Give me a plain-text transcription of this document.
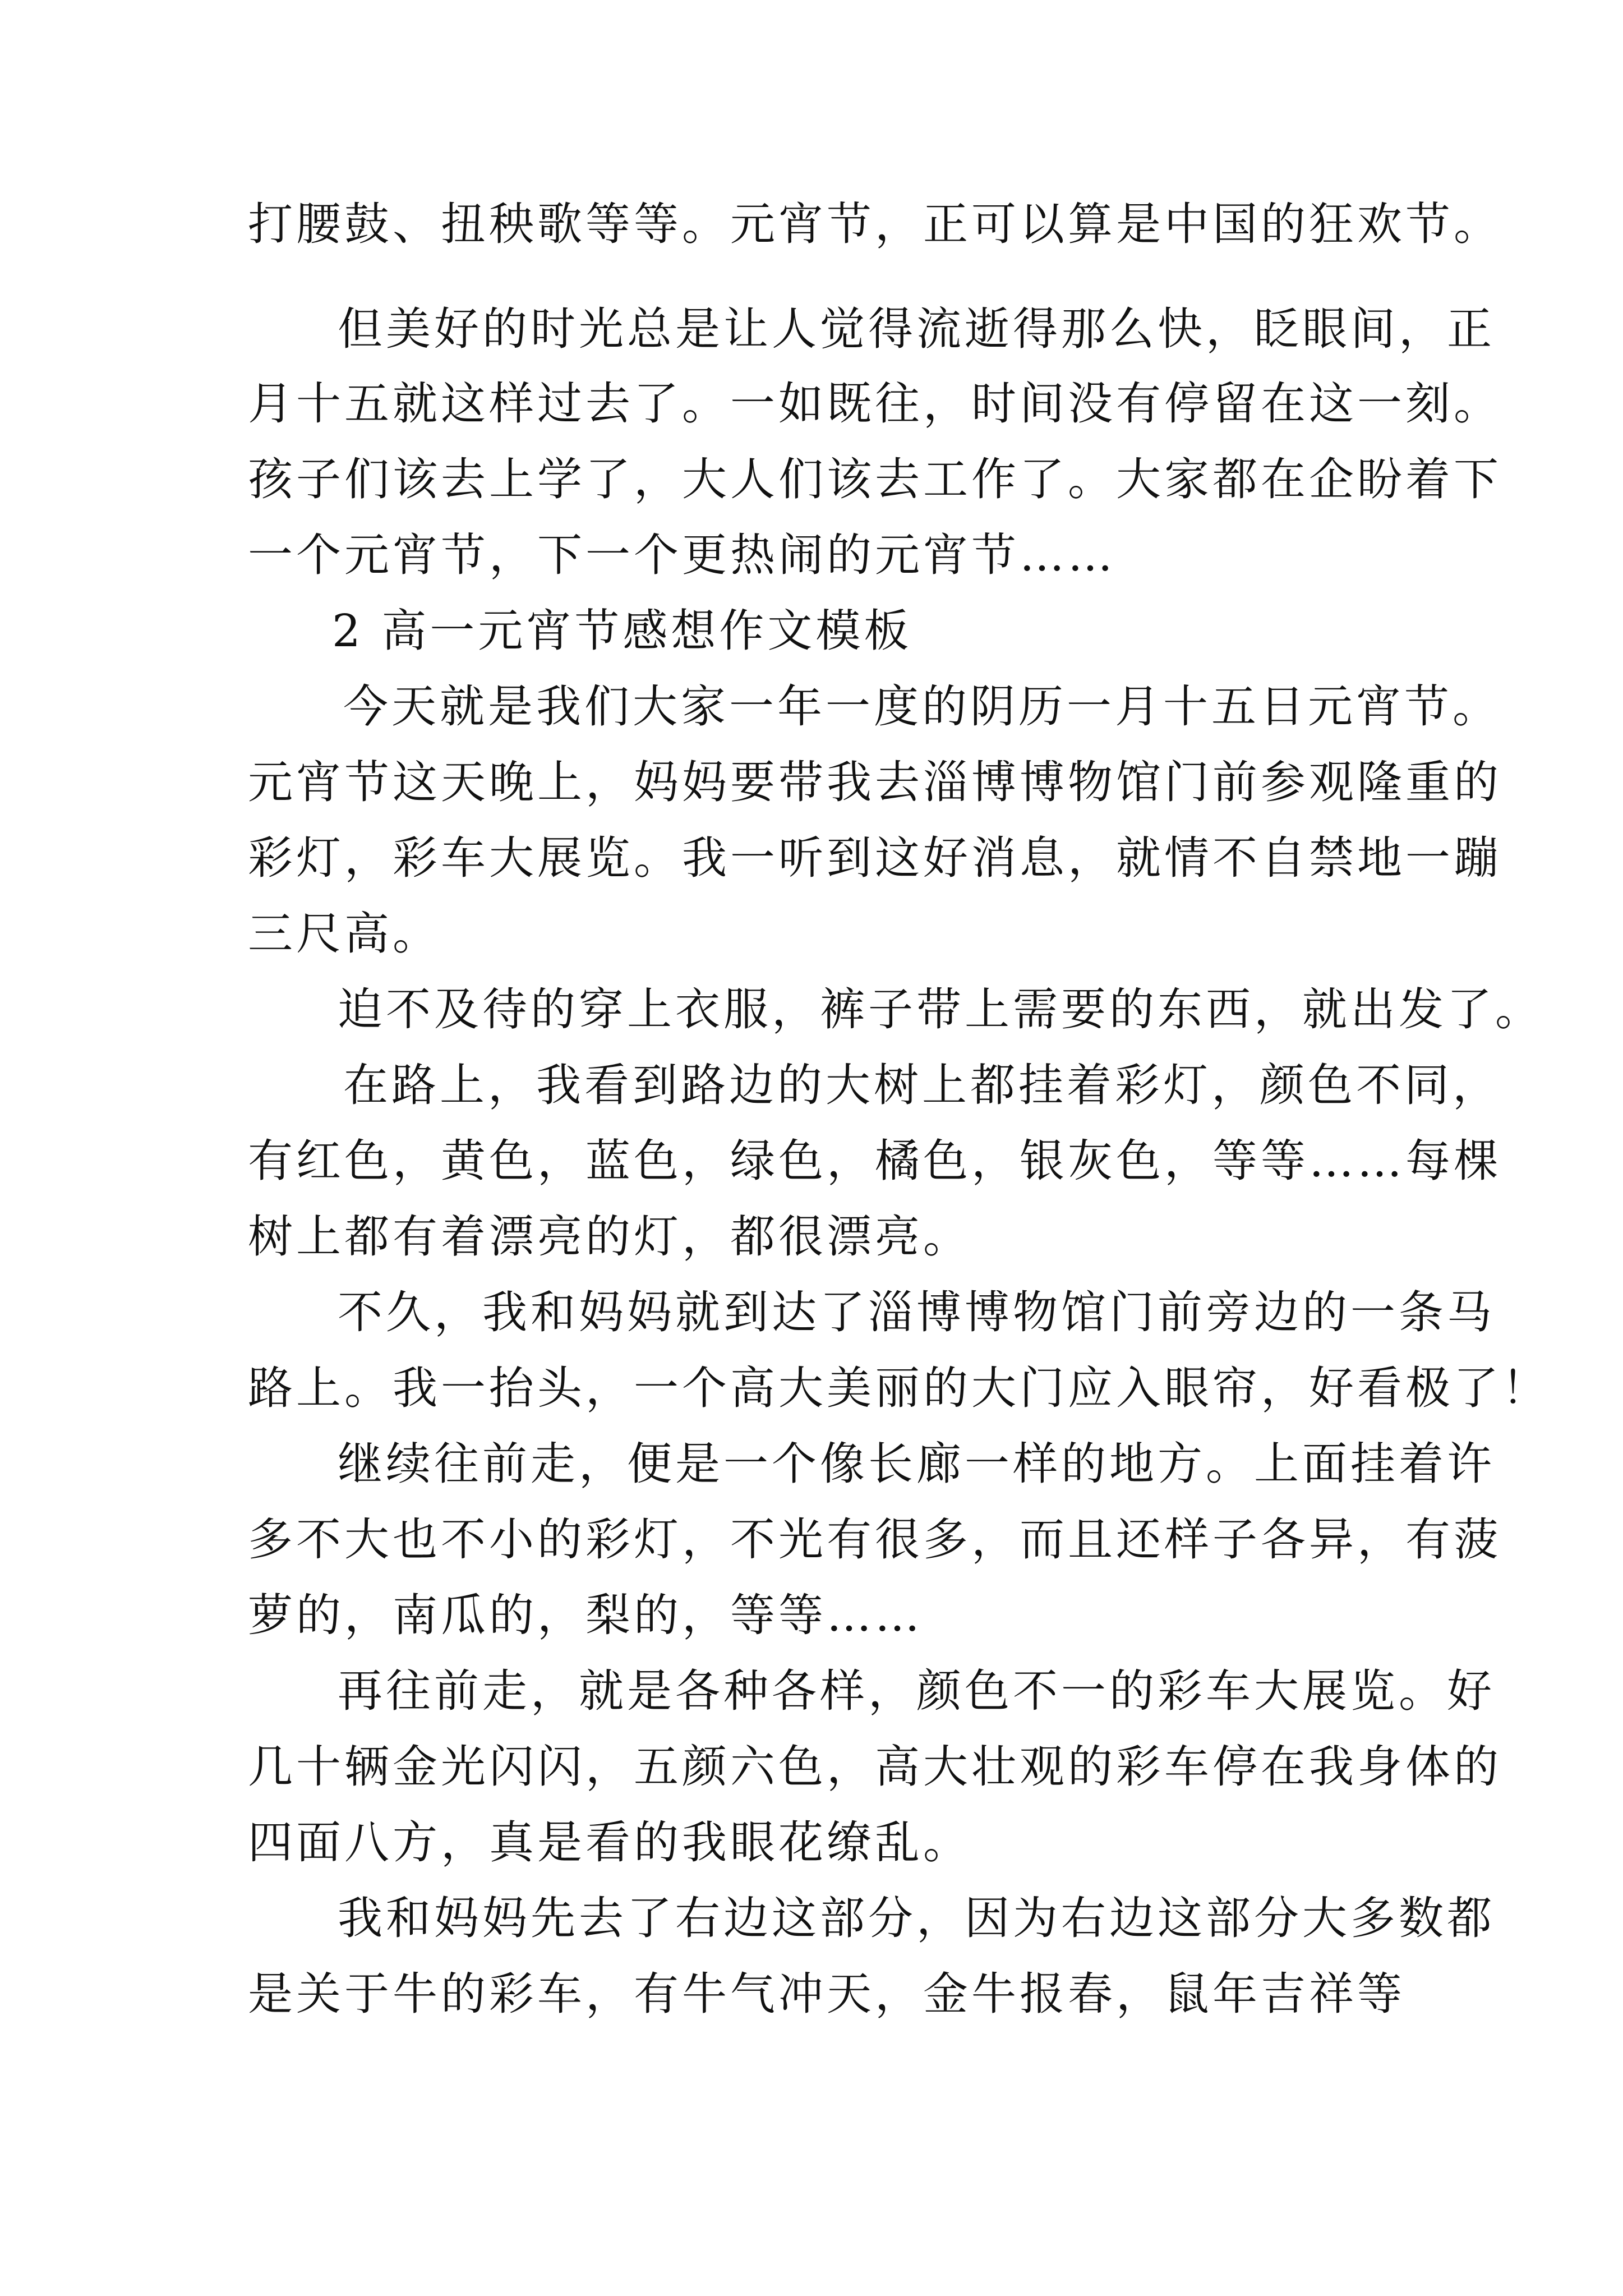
打腰鼓、扭秧歌等等。元宵节，正可以算是中国的狂欢节。
但美好的时光总是让人觉得流逝得那么快，眨眼间，正
月十五就这样过去了。一如既往，时间没有停留在这一刻。
孩子们该去上学了，大人们该去工作了。大家都在企盼着下
一个元宵节，下一个更热闹的元宵节……
2 高一元宵节感想作文模板
今天就是我们大家一年一度的阴历一月十五日元宵节。
元宵节这天晚上，妈妈要带我去淄博博物馆门前参观隆重的
彩灯，彩车大展览。我一听到这好消息，就情不自禁地一蹦
三尺高。
迫不及待的穿上衣服，裤子带上需要的东西，就出发了。
在路上，我看到路边的大树上都挂着彩灯，颜色不同，
有红色，黄色，蓝色，绿色，橘色，银灰色，等等……每棵
树上都有着漂亮的灯，都很漂亮。
不久，我和妈妈就到达了淄博博物馆门前旁边的一条马
路上。我一抬头，一个高大美丽的大门应入眼帘，好看极了！
继续往前走，便是一个像长廊一样的地方。上面挂着许
多不大也不小的彩灯，不光有很多，而且还样子各异，有菠
萝的，南瓜的，梨的，等等……
再往前走，就是各种各样，颜色不一的彩车大展览。好
几十辆金光闪闪，五颜六色，高大壮观的彩车停在我身体的
四面八方，真是看的我眼花缭乱。
我和妈妈先去了右边这部分，因为右边这部分大多数都
是关于牛的彩车，有牛气冲天，金牛报春，鼠年吉祥等
